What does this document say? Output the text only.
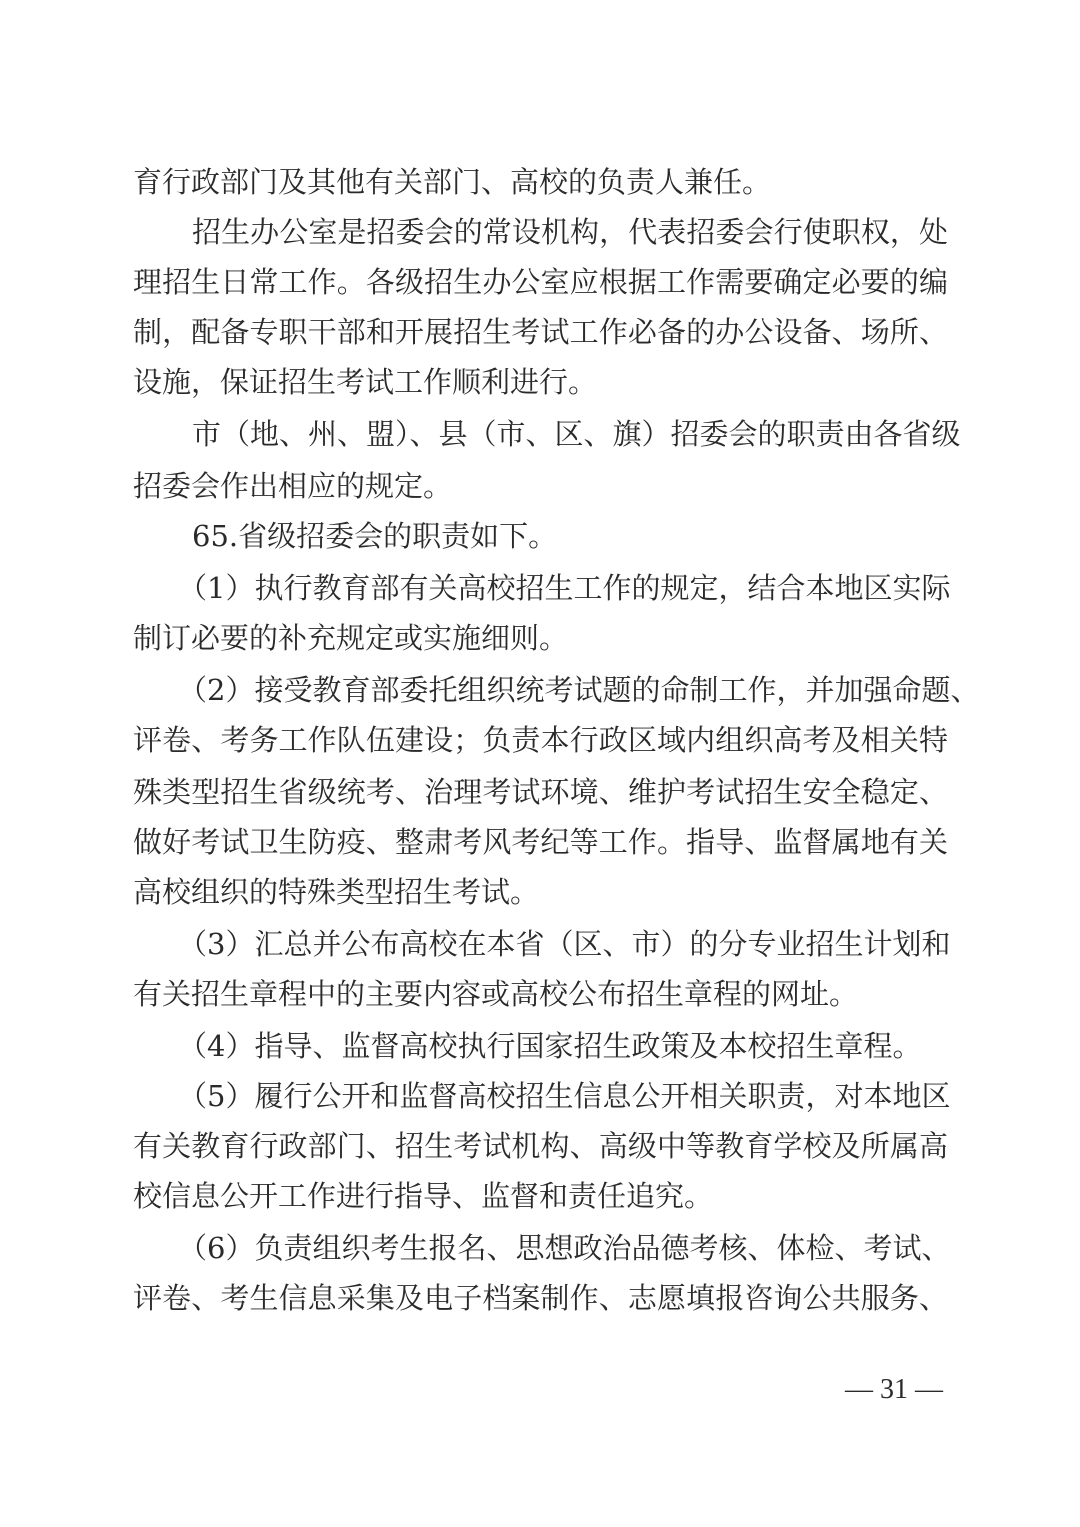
育行政部门及其他有关部门、高校的负责人兼任。
招生办公室是招委会的常设机构，代表招委会行使职权，处
理招生日常工作。各级招生办公室应根据工作需要确定必要的编
制，配备专职干部和开展招生考试工作必备的办公设备、场所、
设施，保证招生考试工作顺利进行。
市（地、州、盟）、县（市、区、旗）招委会的职责由各省级
招委会作出相应的规定。
65.省级招委会的职责如下。
（1）执行教育部有关高校招生工作的规定，结合本地区实际
制订必要的补充规定或实施细则。
（2）接受教育部委托组织统考试题的命制工作，并加强命题、
评卷、考务工作队伍建设；负责本行政区域内组织高考及相关特
殊类型招生省级统考、治理考试环境、维护考试招生安全稳定、
做好考试卫生防疫、整肃考风考纪等工作。指导、监督属地有关
高校组织的特殊类型招生考试。
（3）汇总并公布高校在本省（区、市）的分专业招生计划和
有关招生章程中的主要内容或高校公布招生章程的网址。
（4）指导、监督高校执行国家招生政策及本校招生章程。
（5）履行公开和监督高校招生信息公开相关职责，对本地区
有关教育行政部门、招生考试机构、高级中等教育学校及所属高
校信息公开工作进行指导、监督和责任追究。
（6）负责组织考生报名、思想政治品德考核、体检、考试、
评卷、考生信息采集及电子档案制作、志愿填报咨询公共服务、
— 31 —
